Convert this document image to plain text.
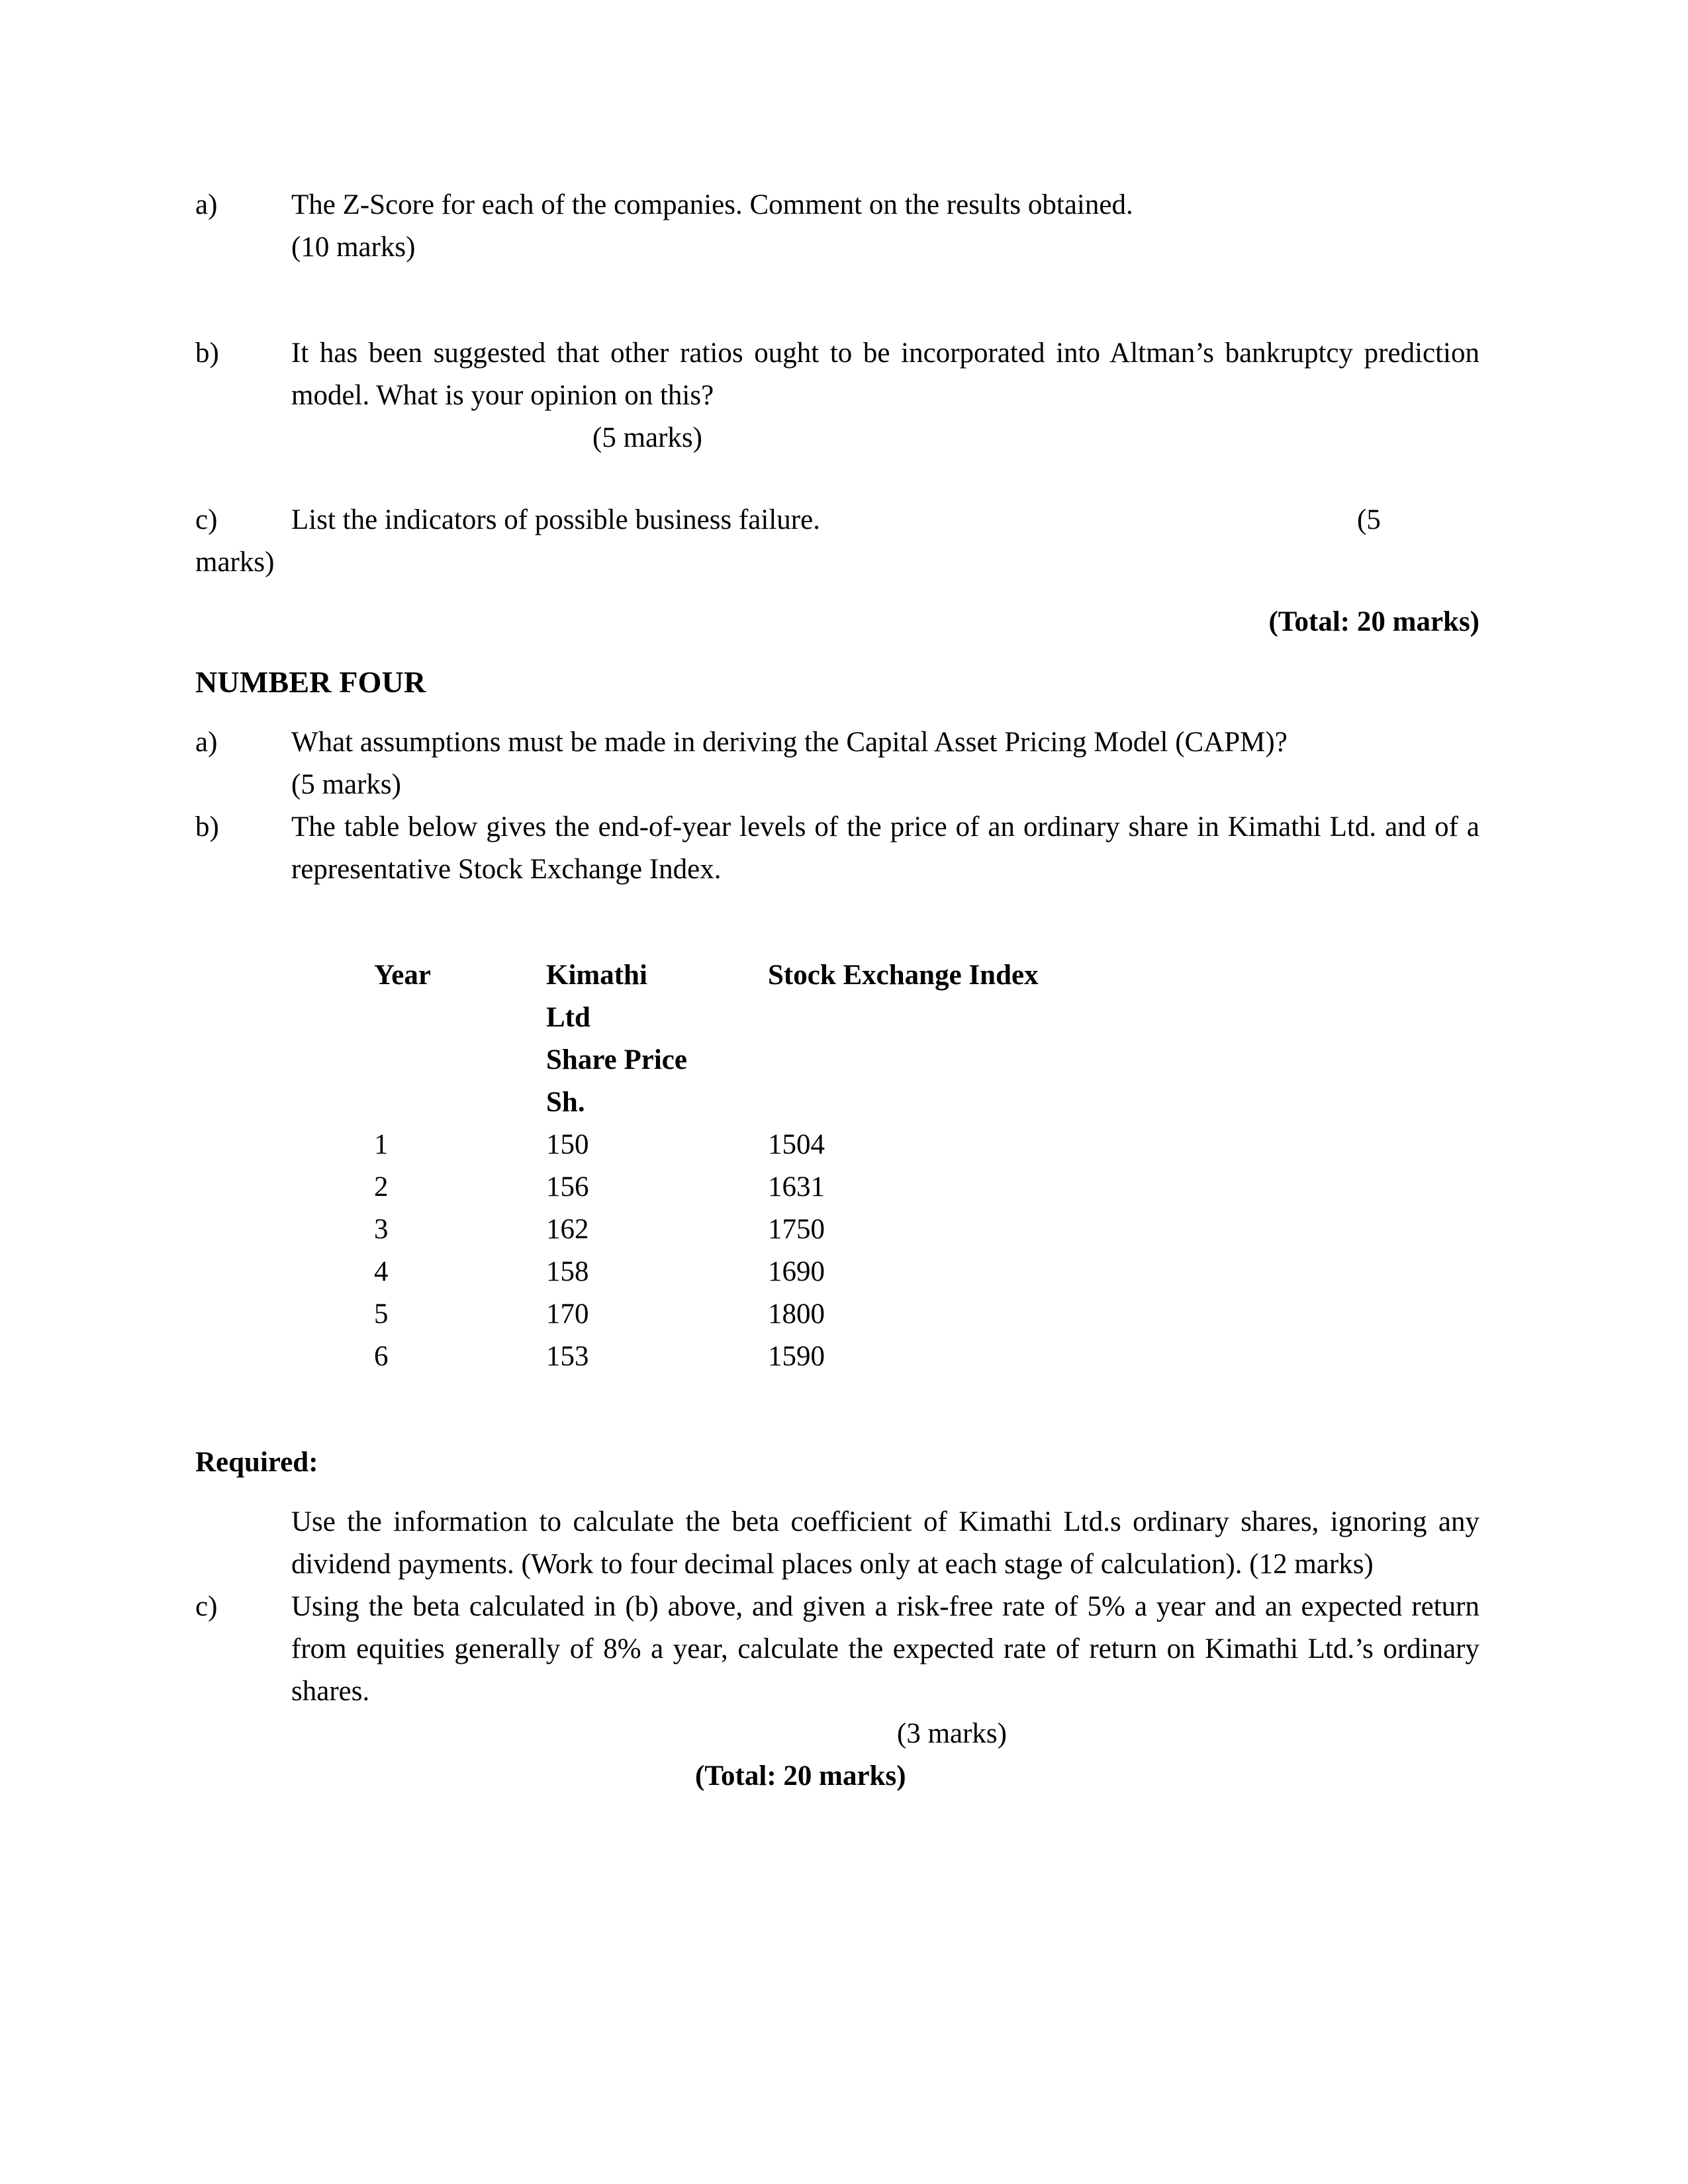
a)	The Z-Score for each of the companies. Comment on the results obtained.
(10 marks)
b)	It has been suggested that other ratios ought to be incorporated into Altman’s bankruptcy prediction model. What is your opinion on this?
(5 marks)
c)	List the indicators of possible business failure.	(5
marks)
(Total: 20 marks)
NUMBER FOUR
a)	What assumptions must be made in deriving the Capital Asset Pricing Model (CAPM)?
(5 marks)
b)	The table below gives the end-of-year levels of the price of an ordinary share in Kimathi Ltd. and of a representative Stock Exchange Index.
Year	Kimathi	Stock Exchange Index
	Ltd	
	Share Price	
	Sh.	
1	150	1504
2	156	1631
3	162	1750
4	158	1690
5	170	1800
6	153	1590
Required:
Use the information to calculate the beta coefficient of Kimathi Ltd.s ordinary shares, ignoring any dividend payments. (Work to four decimal places only at each stage of calculation). (12 marks)
c)	Using the beta calculated in (b) above, and given a risk-free rate of 5% a year and an expected return from equities generally of 8% a year, calculate the expected rate of return on Kimathi Ltd.’s ordinary shares.
(3 marks)
(Total: 20 marks)
